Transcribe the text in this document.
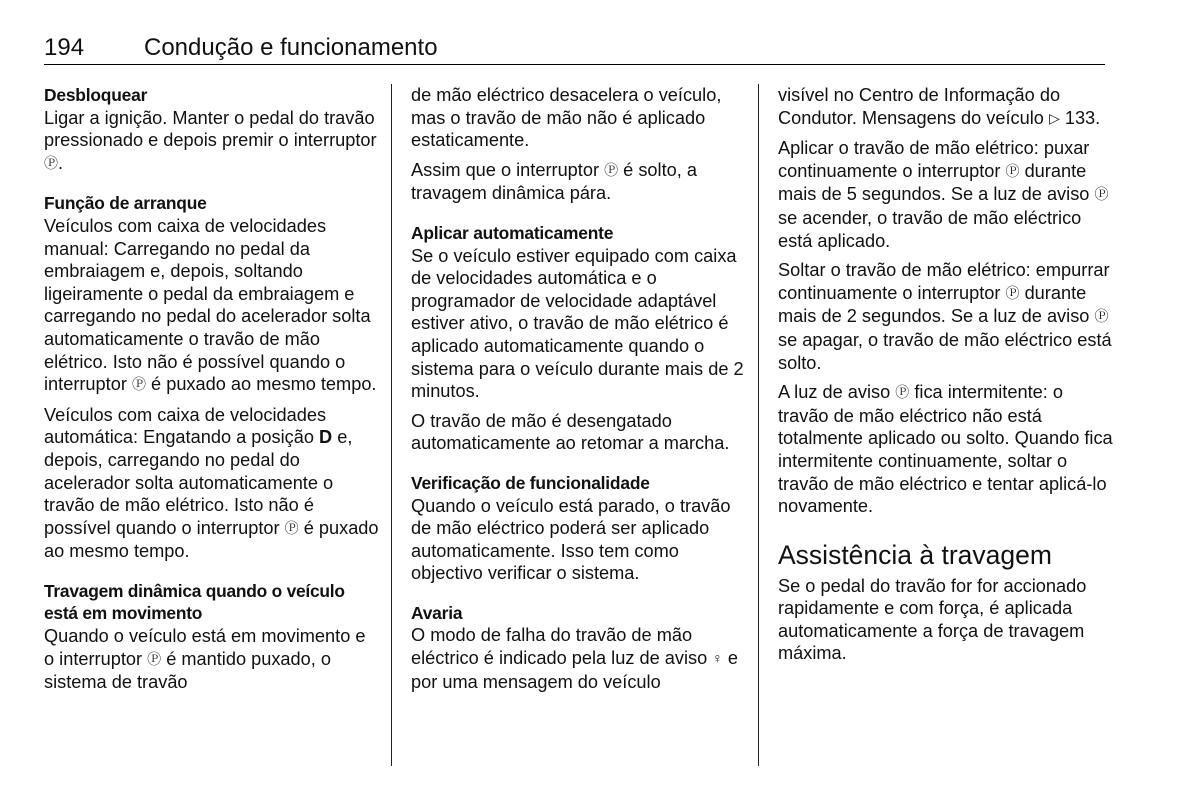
194 Condução e funcionamento
Desbloquear

Ligar a ignição. Manter o pedal do travão pressionado e depois premir o interruptor Ⓟ.

Função de arranque

Veículos com caixa de velocidades manual: Carregando no pedal da embraiagem e, depois, soltando ligeiramente o pedal da embraiagem e carregando no pedal do acelerador solta automaticamente o travão de mão elétrico. Isto não é possível quando o interruptor Ⓟ é puxado ao mesmo tempo.

Veículos com caixa de velocidades automática: Engatando a posição D e, depois, carregando no pedal do acelerador solta automaticamente o travão de mão elétrico. Isto não é possível quando o interruptor Ⓟ é puxado ao mesmo tempo.

Travagem dinâmica quando o veículo está em movimento

Quando o veículo está em movimento e o interruptor Ⓟ é mantido puxado, o sistema de travão

de mão eléctrico desacelera o veículo, mas o travão de mão não é aplicado estaticamente.

Assim que o interruptor Ⓟ é solto, a travagem dinâmica pára.

Aplicar automaticamente

Se o veículo estiver equipado com caixa de velocidades automática e o programador de velocidade adaptável estiver ativo, o travão de mão elétrico é aplicado automaticamente quando o sistema para o veículo durante mais de 2 minutos.

O travão de mão é desengatado automaticamente ao retomar a marcha.

Verificação de funcionalidade

Quando o veículo está parado, o travão de mão eléctrico poderá ser aplicado automaticamente. Isso tem como objectivo verificar o sistema.

Avaria

O modo de falha do travão de mão eléctrico é indicado pela luz de aviso ♀ e por uma mensagem do veículo

visível no Centro de Informação do Condutor. Mensagens do veículo ▷ 133.

Aplicar o travão de mão elétrico: puxar continuamente o interruptor Ⓟ durante mais de 5 segundos. Se a luz de aviso Ⓟ se acender, o travão de mão eléctrico está aplicado.

Soltar o travão de mão elétrico: empurrar continuamente o interruptor Ⓟ durante mais de 2 segundos. Se a luz de aviso Ⓟ se apagar, o travão de mão eléctrico está solto.

A luz de aviso Ⓟ fica intermitente: o travão de mão eléctrico não está totalmente aplicado ou solto. Quando fica intermitente continuamente, soltar o travão de mão eléctrico e tentar aplicá-lo novamente.

Assistência à travagem

Se o pedal do travão for for accionado rapidamente e com força, é aplicada automaticamente a força de travagem máxima.
